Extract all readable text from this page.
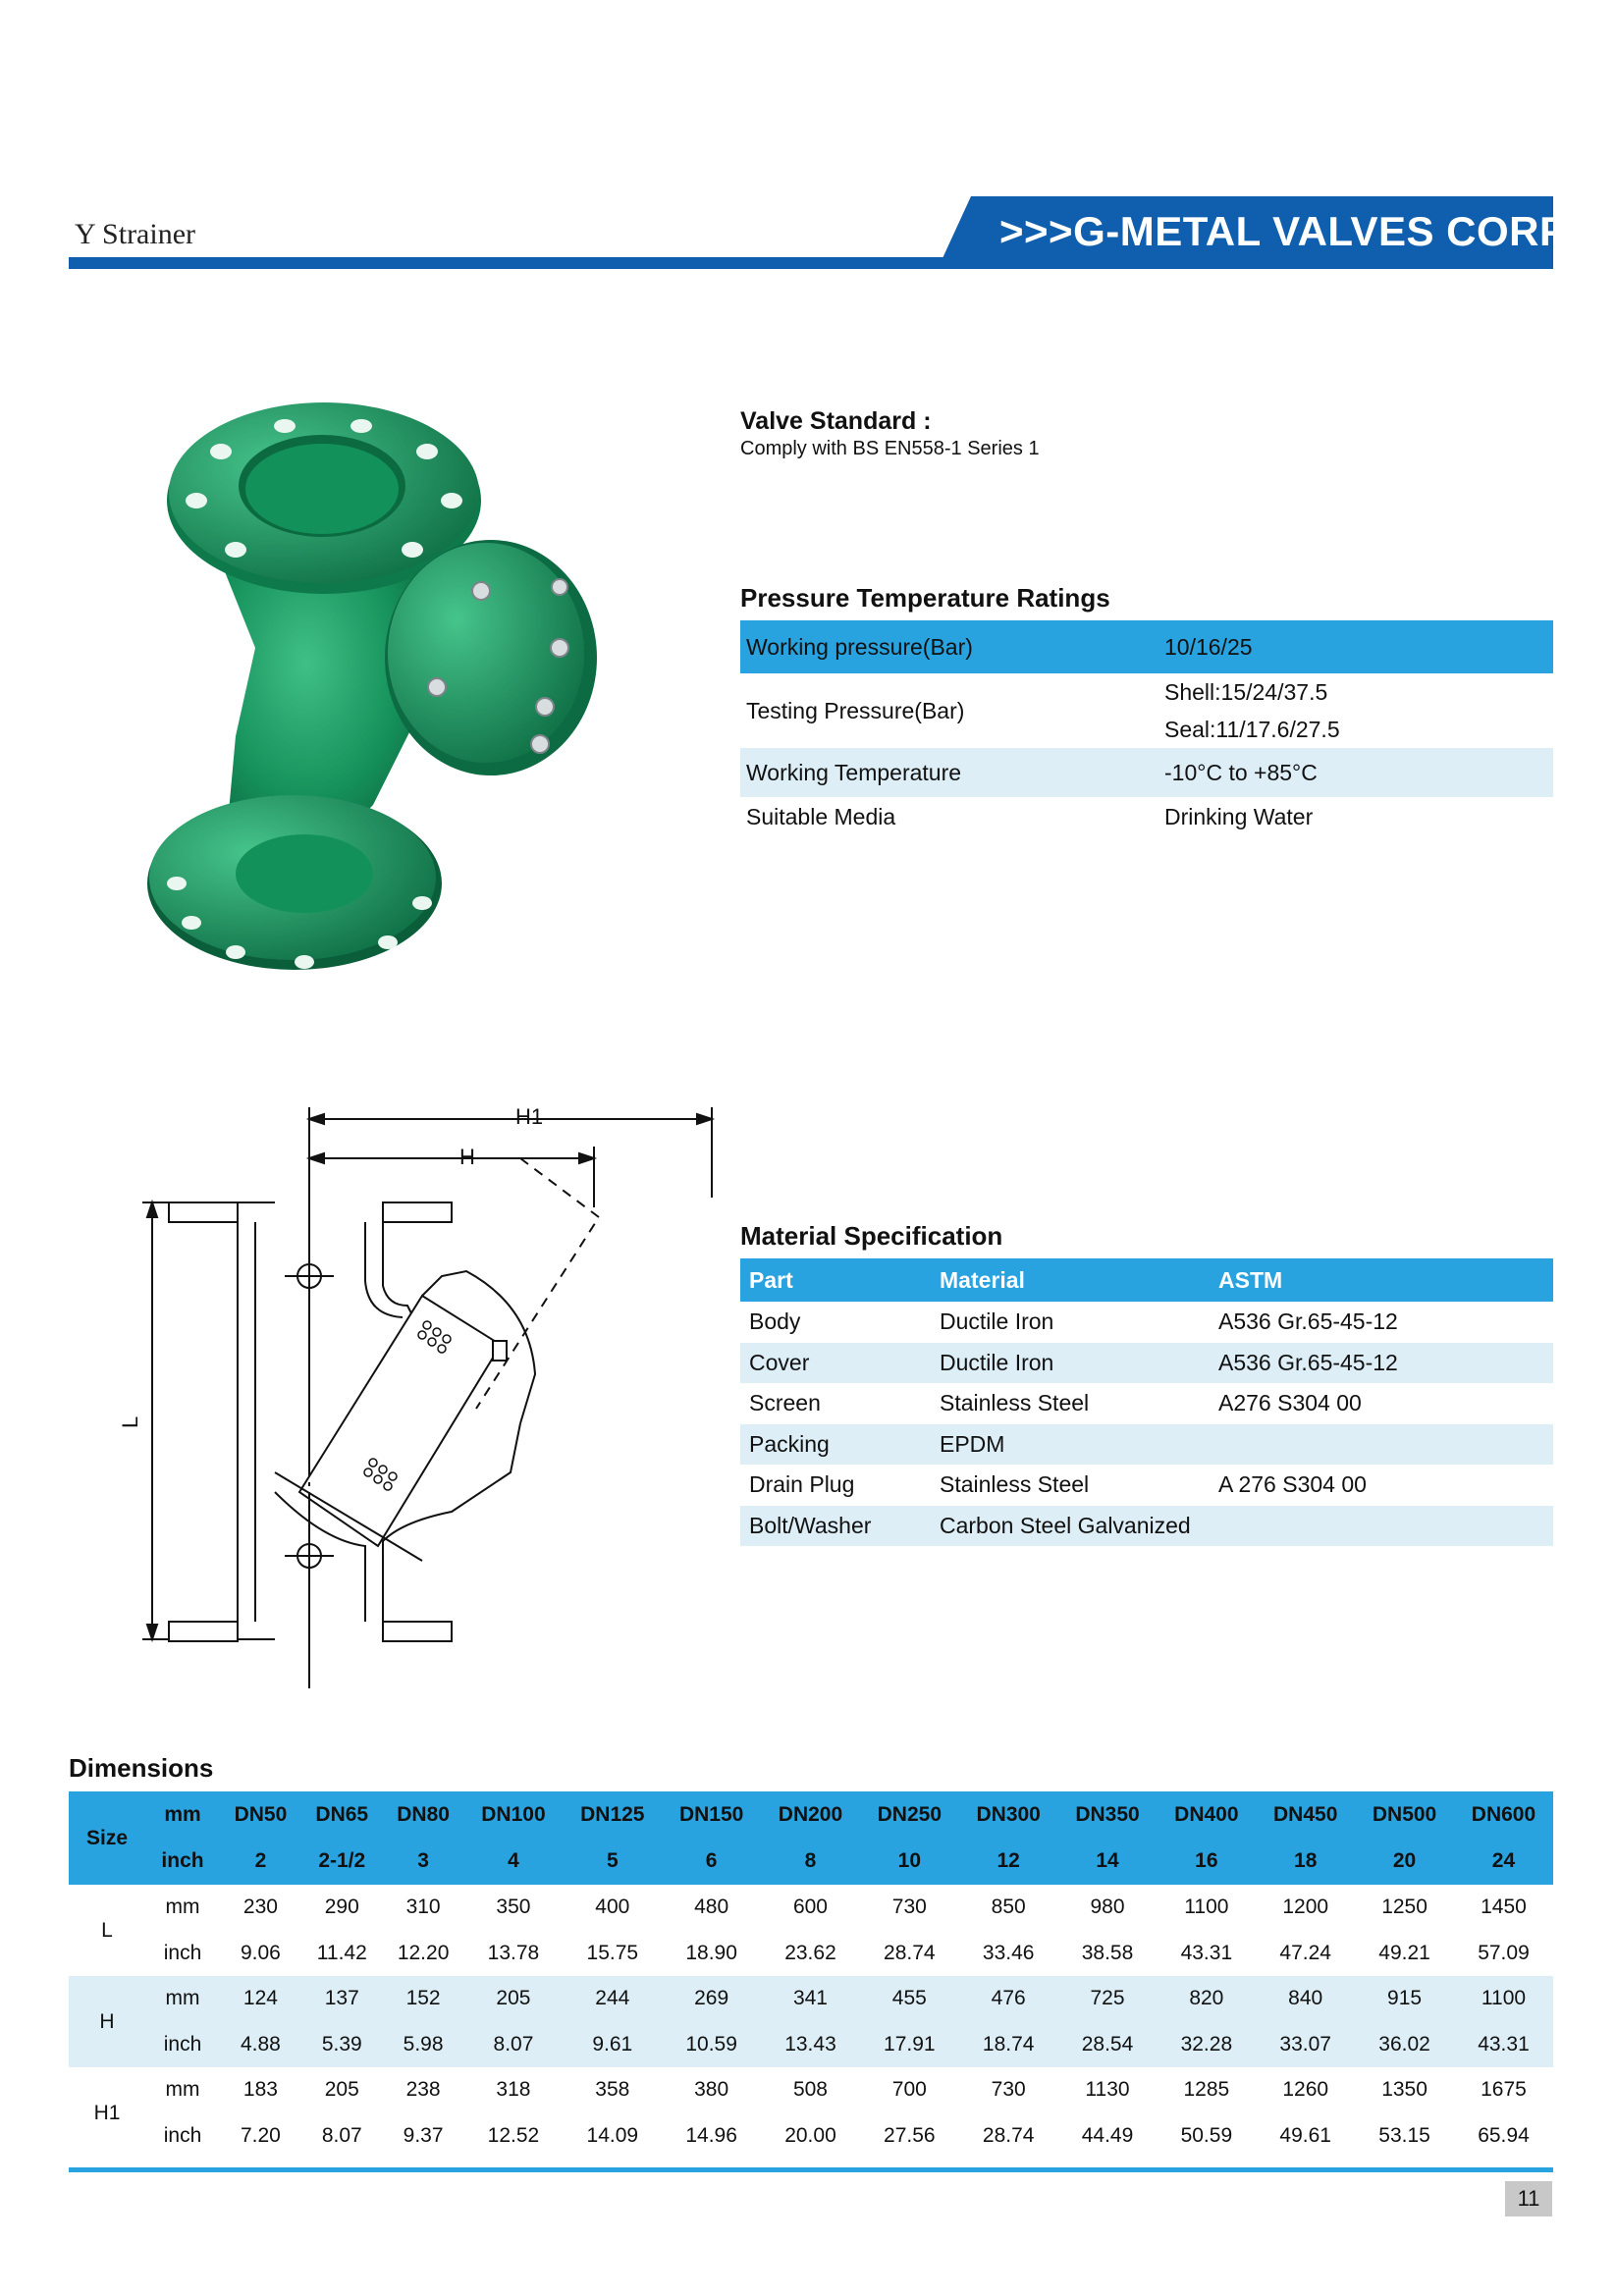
Y Strainer	>>>G-METAL VALVES CORP
H1
H
L
Valve Standard :
Comply with BS EN558-1 Series 1
Pressure Temperature Ratings
Working pressure(Bar)	10/16/25
Testing Pressure(Bar)	Shell:15/24/37.5
Seal:11/17.6/27.5

Working Temperature	-10°C to +85°C
Suitable Media	Drinking Water
Material Specification
Part	Material	ASTM
Body	Ductile Iron	A536 Gr.65-45-12
Cover	Ductile Iron	A536 Gr.65-45-12
Screen	Stainless Steel	A276 S304 00
Packing	EPDM	
Drain Plug	Stainless Steel	A 276 S304 00
Bolt/Washer	Carbon Steel Galvanized	
Dimensions
Size	mm	DN50	DN65	DN80	DN100	DN125	DN150	DN200	DN250	DN300	DN350	DN400	DN450	DN500	DN600
	inch	2	2-1/2	3	4	5	6	8	10	12	14	16	18	20	24
L	mm	230	290	310	350	400	480	600	730	850	980	1100	1200	1250	1450
	inch	9.06	11.42	12.20	13.78	15.75	18.90	23.62	28.74	33.46	38.58	43.31	47.24	49.21	57.09
H	mm	124	137	152	205	244	269	341	455	476	725	820	840	915	1100
	inch	4.88	5.39	5.98	8.07	9.61	10.59	13.43	17.91	18.74	28.54	32.28	33.07	36.02	43.31
H1	mm	183	205	238	318	358	380	508	700	730	1130	1285	1260	1350	1675
	inch	7.20	8.07	9.37	12.52	14.09	14.96	20.00	27.56	28.74	44.49	50.59	49.61	53.15	65.94
11
